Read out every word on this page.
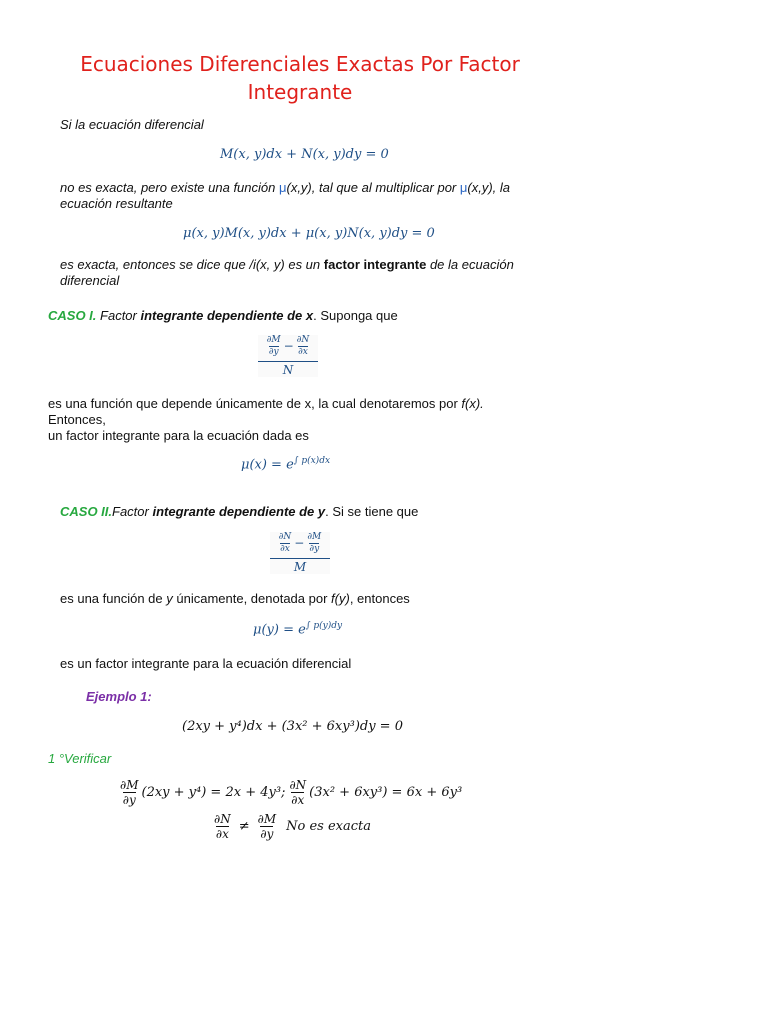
Ecuaciones Diferenciales Exactas Por Factor Integrante
Si la ecuación diferencial
M(x, y)dx + N(x, y)dy = 0
no es exacta, pero existe una función μ(x,y), tal que al multiplicar por μ(x,y), la
ecuación resultante
μ(x, y)M(x, y)dx + μ(x, y)N(x, y)dy = 0
es exacta, entonces se dice que /i(x, y) es un factor integrante de la ecuación
diferencial
CASO I. Factor integrante dependiente de x. Suponga que
$\frac{\partial M}{\partial y} - \frac{\partial N}{\partial x}$
N
es una función que depende únicamente de x, la cual denotaremos por f(x).
Entonces,
un factor integrante para la ecuación dada es
$\mu(x) = e^{\int p(x)dx}$
CASO II.Factor integrante dependiente de y. Si se tiene que
$\frac{\partial N}{\partial x} - \frac{\partial M}{\partial y}$
M
es una función de y únicamente, denotada por f(y), entonces
$\mu(y) = e^{\int p(y)dy}$
es un factor integrante para la ecuación diferencial
Ejemplo 1:
(2xy + y⁴)dx + (3x² + 6xy³)dy = 0
1 °Verificar
$\frac{\partial M}{\partial y} (2xy + y^4) = 2x + 4y^3$; $\frac{\partial N}{\partial x} (3x^2 + 6xy^3) = 6x + 6y^3$
$\frac{\partial N}{\partial x} \ne \frac{\partial M}{\partial y}$ No es exacta
